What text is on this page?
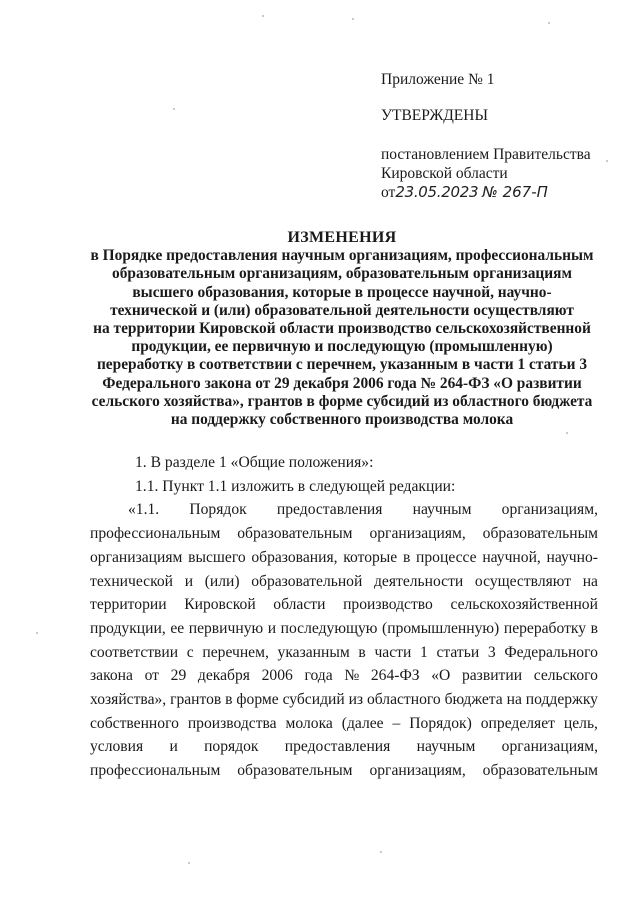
Приложение № 1
УТВЕРЖДЕНЫ
постановлением Правительства
Кировской области
от23.05.2023 № 267-П
ИЗМЕНЕНИЯ
в Порядке предоставления научным организациям, профессиональным
образовательным организациям, образовательным организациям
высшего образования, которые в процессе научной, научно-
технической и (или) образовательной деятельности осуществляют
на территории Кировской области производство сельскохозяйственной
продукции, ее первичную и последующую (промышленную)
переработку в соответствии с перечнем, указанным в части 1 статьи 3
Федерального закона от 29 декабря 2006 года № 264-ФЗ «О развитии
сельского хозяйства», грантов в форме субсидий из областного бюджета
на поддержку собственного производства молока
1. В разделе 1 «Общие положения»:
1.1. Пункт 1.1 изложить в следующей редакции:
«1.1. Порядок предоставления научным организациям,
профессиональным образовательным организациям, образовательным
организациям высшего образования, которые в процессе научной, научно-
технической и (или) образовательной деятельности осуществляют на
территории Кировской области производство сельскохозяйственной
продукции, ее первичную и последующую (промышленную) переработку в
соответствии с перечнем, указанным в части 1 статьи 3 Федерального
закона от 29 декабря 2006 года № 264-ФЗ «О развитии сельского
хозяйства», грантов в форме субсидий из областного бюджета на поддержку
собственного производства молока (далее – Порядок) определяет цель,
условия и порядок предоставления научным организациям,
профессиональным образовательным организациям, образовательным
